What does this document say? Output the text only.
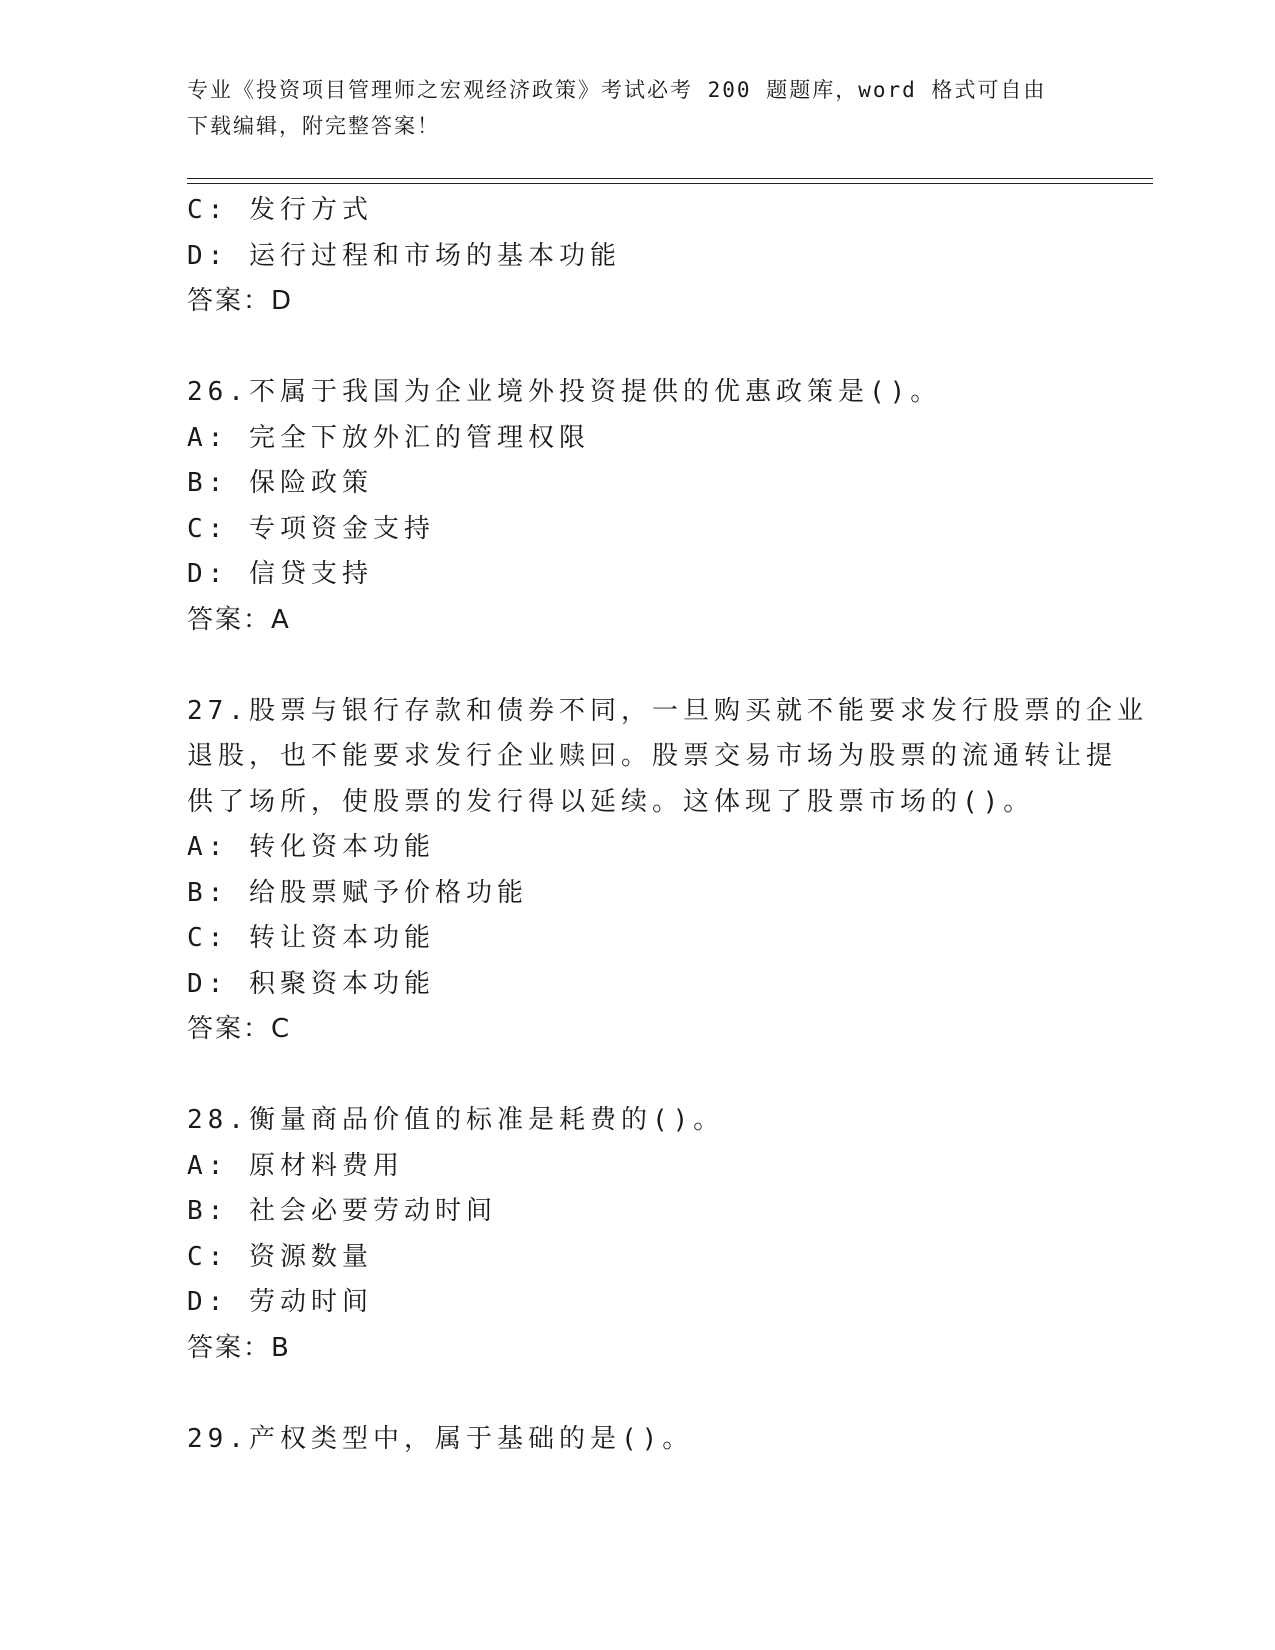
专业《投资项目管理师之宏观经济政策》考试必考 200 题题库，word 格式可自由
下载编辑，附完整答案！
C: 发行方式
D: 运行过程和市场的基本功能
答案：D
26.不属于我国为企业境外投资提供的优惠政策是()。
A: 完全下放外汇的管理权限
B: 保险政策
C: 专项资金支持
D: 信贷支持
答案：A
27.股票与银行存款和债券不同，一旦购买就不能要求发行股票的企业
退股，也不能要求发行企业赎回。股票交易市场为股票的流通转让提
供了场所，使股票的发行得以延续。这体现了股票市场的()。
A: 转化资本功能
B: 给股票赋予价格功能
C: 转让资本功能
D: 积聚资本功能
答案：C
28.衡量商品价值的标准是耗费的()。
A: 原材料费用
B: 社会必要劳动时间
C: 资源数量
D: 劳动时间
答案：B
29.产权类型中，属于基础的是()。
